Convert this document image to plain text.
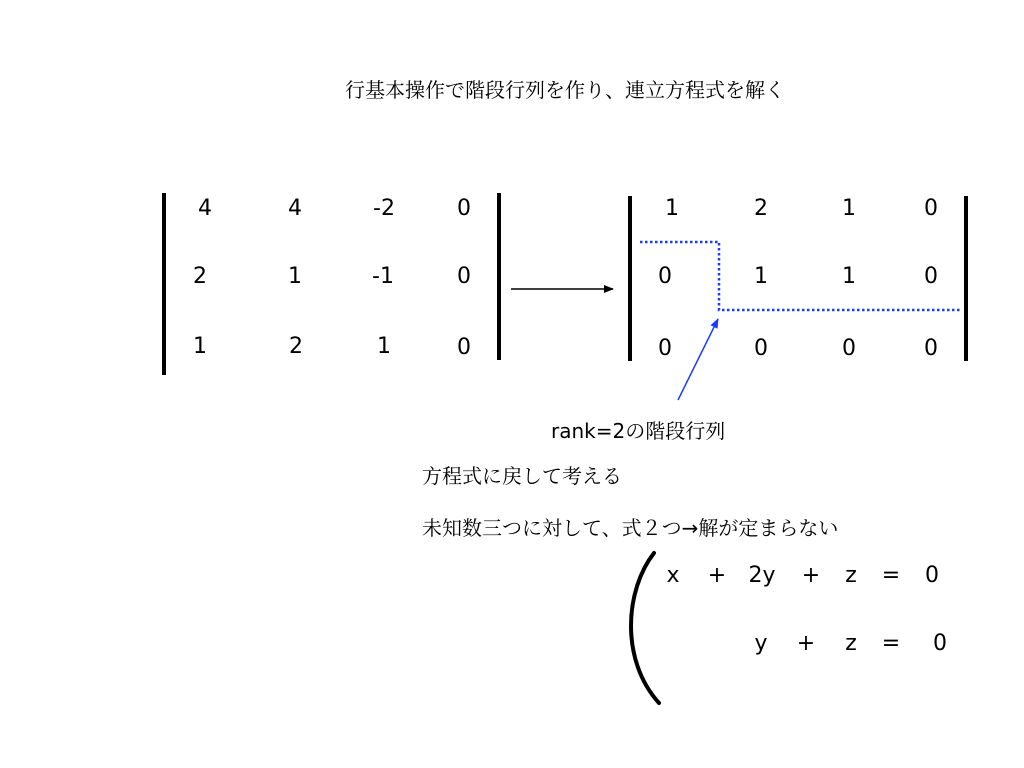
行基本操作で階段行列を作り、連立方程式を解く
4	4	-2	0
2	1	-1	0
1	2	1	0
1	2	1	0
0	1	1	0
0	0	0	0
rank=2の階段行列
方程式に戻して考える
未知数三つに対して、式２つ→解が定まらない
x	+	2y	+	z	=	0
y	+	z	=	0
